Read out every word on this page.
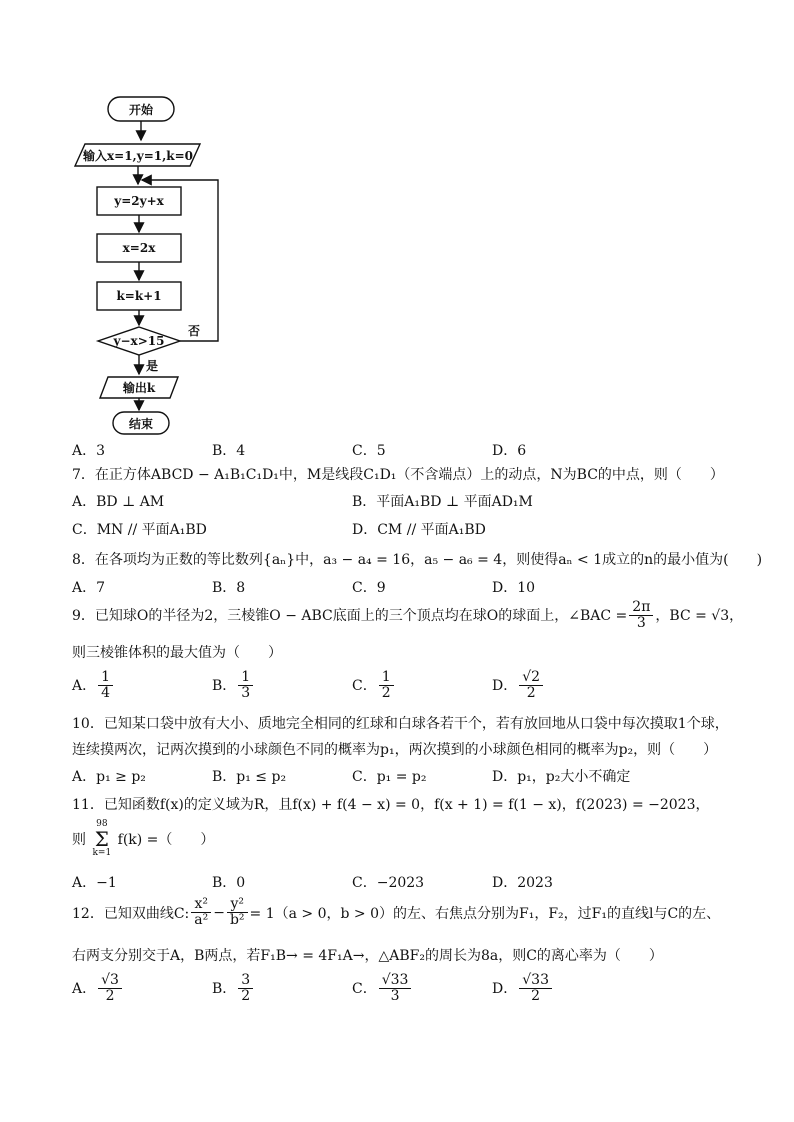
开始
输入x=1,y=1,k=0
y=2y+x
x=2x
k=k+1
y−x>15
否
是
输出k
结束
A．3	B．4	C．5	D．6
7．在正方体ABCD − A₁B₁C₁D₁中，M是线段C₁D₁（不含端点）上的动点，N为BC的中点，则（　　）
A．BD ⊥ AM	B．平面A₁BD ⊥ 平面AD₁M
C．MN // 平面A₁BD	D．CM // 平面A₁BD
8．在各项均为正数的等比数列{aₙ}中，a₃ − a₄ = 16，a₅ − a₆ = 4，则使得aₙ < 1成立的n的最小值为(　　)
A．7	B．8	C．9	D．10
9．已知球O的半径为2，三棱锥O − ABC底面上的三个顶点均在球O的球面上，∠BAC = $\frac{2\pi}{3}$ ，BC = √3，
则三棱锥体积的最大值为（　　）
A． $\frac{1}{4}$	B． $\frac{1}{3}$	C． $\frac{1}{2}$	D． $\frac{√2}{2}$
10．已知某口袋中放有大小、质地完全相同的红球和白球各若干个，若有放回地从口袋中每次摸取1个球，
连续摸两次，记两次摸到的小球颜色不同的概率为p₁，两次摸到的小球颜色相同的概率为p₂，则（　　）
A．p₁ ≥ p₂	B．p₁ ≤ p₂	C．p₁ = p₂	D．p₁，p₂大小不确定
11．已知函数f(x)的定义域为R，且f(x) + f(4 − x) = 0，f(x + 1) = f(1 − x)，f(2023) = −2023，
则
98
Σ
k=1
f(k) =（　　）
A．−1	B．0	C．−2023	D．2023
12．已知双曲线C: $\frac{\text{x²}}{\text{a²}} - \frac{\text{y²}}{\text{b²}} = 1(a > 0$，b > 0）的左、右焦点分别为F₁，F₂，过F₁的直线l与C的左、
右两支分别交于A，B两点，若F₁B→ = 4F₁A→，△ABF₂的周长为8a，则C的离心率为（　　）
A． $\frac{√3}{2}$	B． $\frac{3}{2}$	C． $\frac{√33}{3}$	D． $\frac{√33}{2}$
